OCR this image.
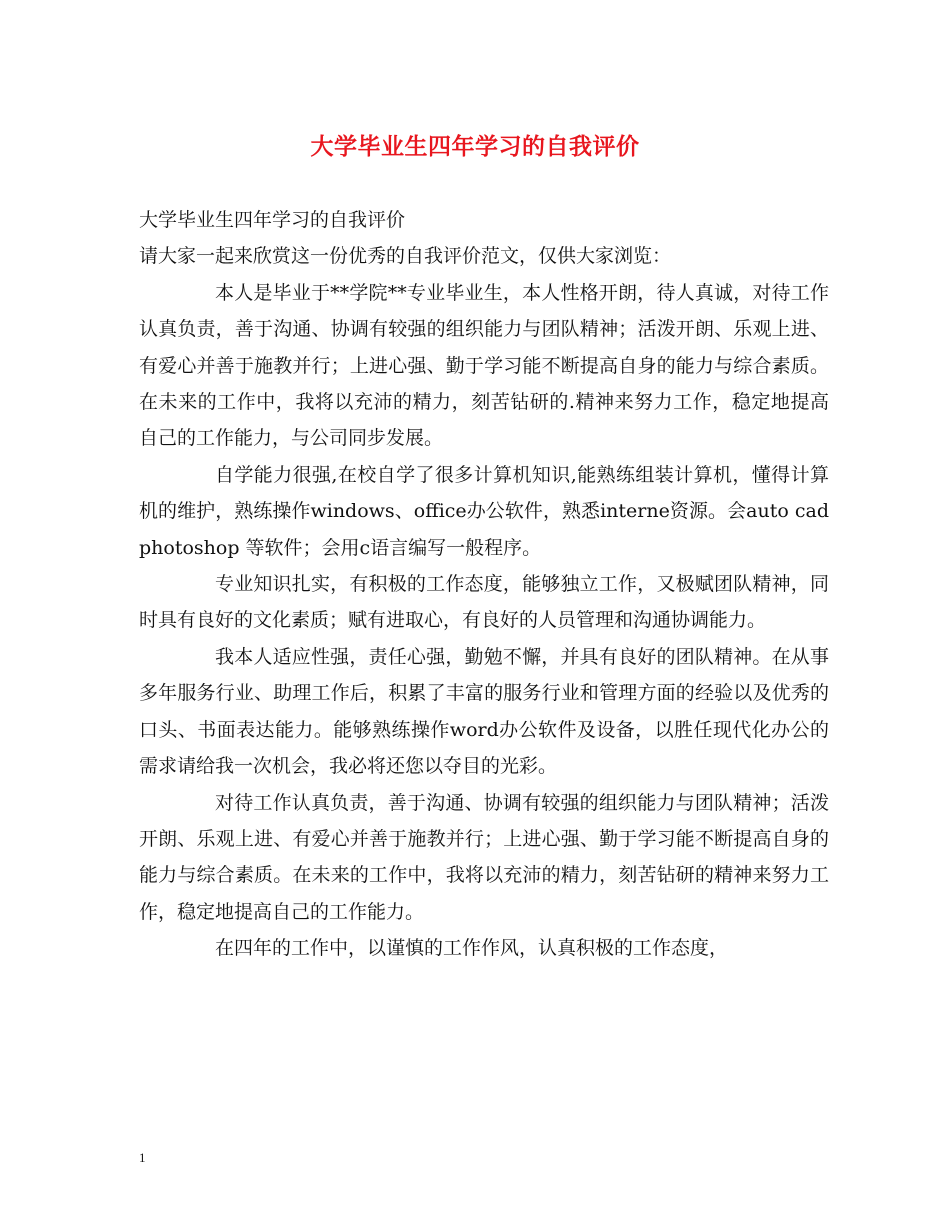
大学毕业生四年学习的自我评价

大学毕业生四年学习的自我评价

请大家一起来欣赏这一份优秀的自我评价范文，仅供大家浏览：

本人是毕业于**学院**专业毕业生，本人性格开朗，待人真诚，对待工作认真负责，善于沟通、协调有较强的组织能力与团队精神；活泼开朗、乐观上进、有爱心并善于施教并行；上进心强、勤于学习能不断提高自身的能力与综合素质。在未来的工作中，我将以充沛的精力，刻苦钻研的.精神来努力工作，稳定地提高自己的工作能力，与公司同步发展。

自学能力很强,在校自学了很多计算机知识,能熟练组装计算机，懂得计算机的维护，熟练操作windows、office办公软件，熟悉interne资源。会auto cad photoshop 等软件；会用c语言编写一般程序。

专业知识扎实，有积极的工作态度，能够独立工作，又极赋团队精神，同时具有良好的文化素质；赋有进取心，有良好的人员管理和沟通协调能力。

我本人适应性强，责任心强，勤勉不懈，并具有良好的团队精神。在从事多年服务行业、助理工作后，积累了丰富的服务行业和管理方面的经验以及优秀的口头、书面表达能力。能够熟练操作word办公软件及设备，以胜任现代化办公的需求请给我一次机会，我必将还您以夺目的光彩。

对待工作认真负责，善于沟通、协调有较强的组织能力与团队精神；活泼开朗、乐观上进、有爱心并善于施教并行；上进心强、勤于学习能不断提高自身的能力与综合素质。在未来的工作中，我将以充沛的精力，刻苦钻研的精神来努力工作，稳定地提高自己的工作能力。

在四年的工作中，以谨慎的工作作风，认真积极的工作态度，

1
